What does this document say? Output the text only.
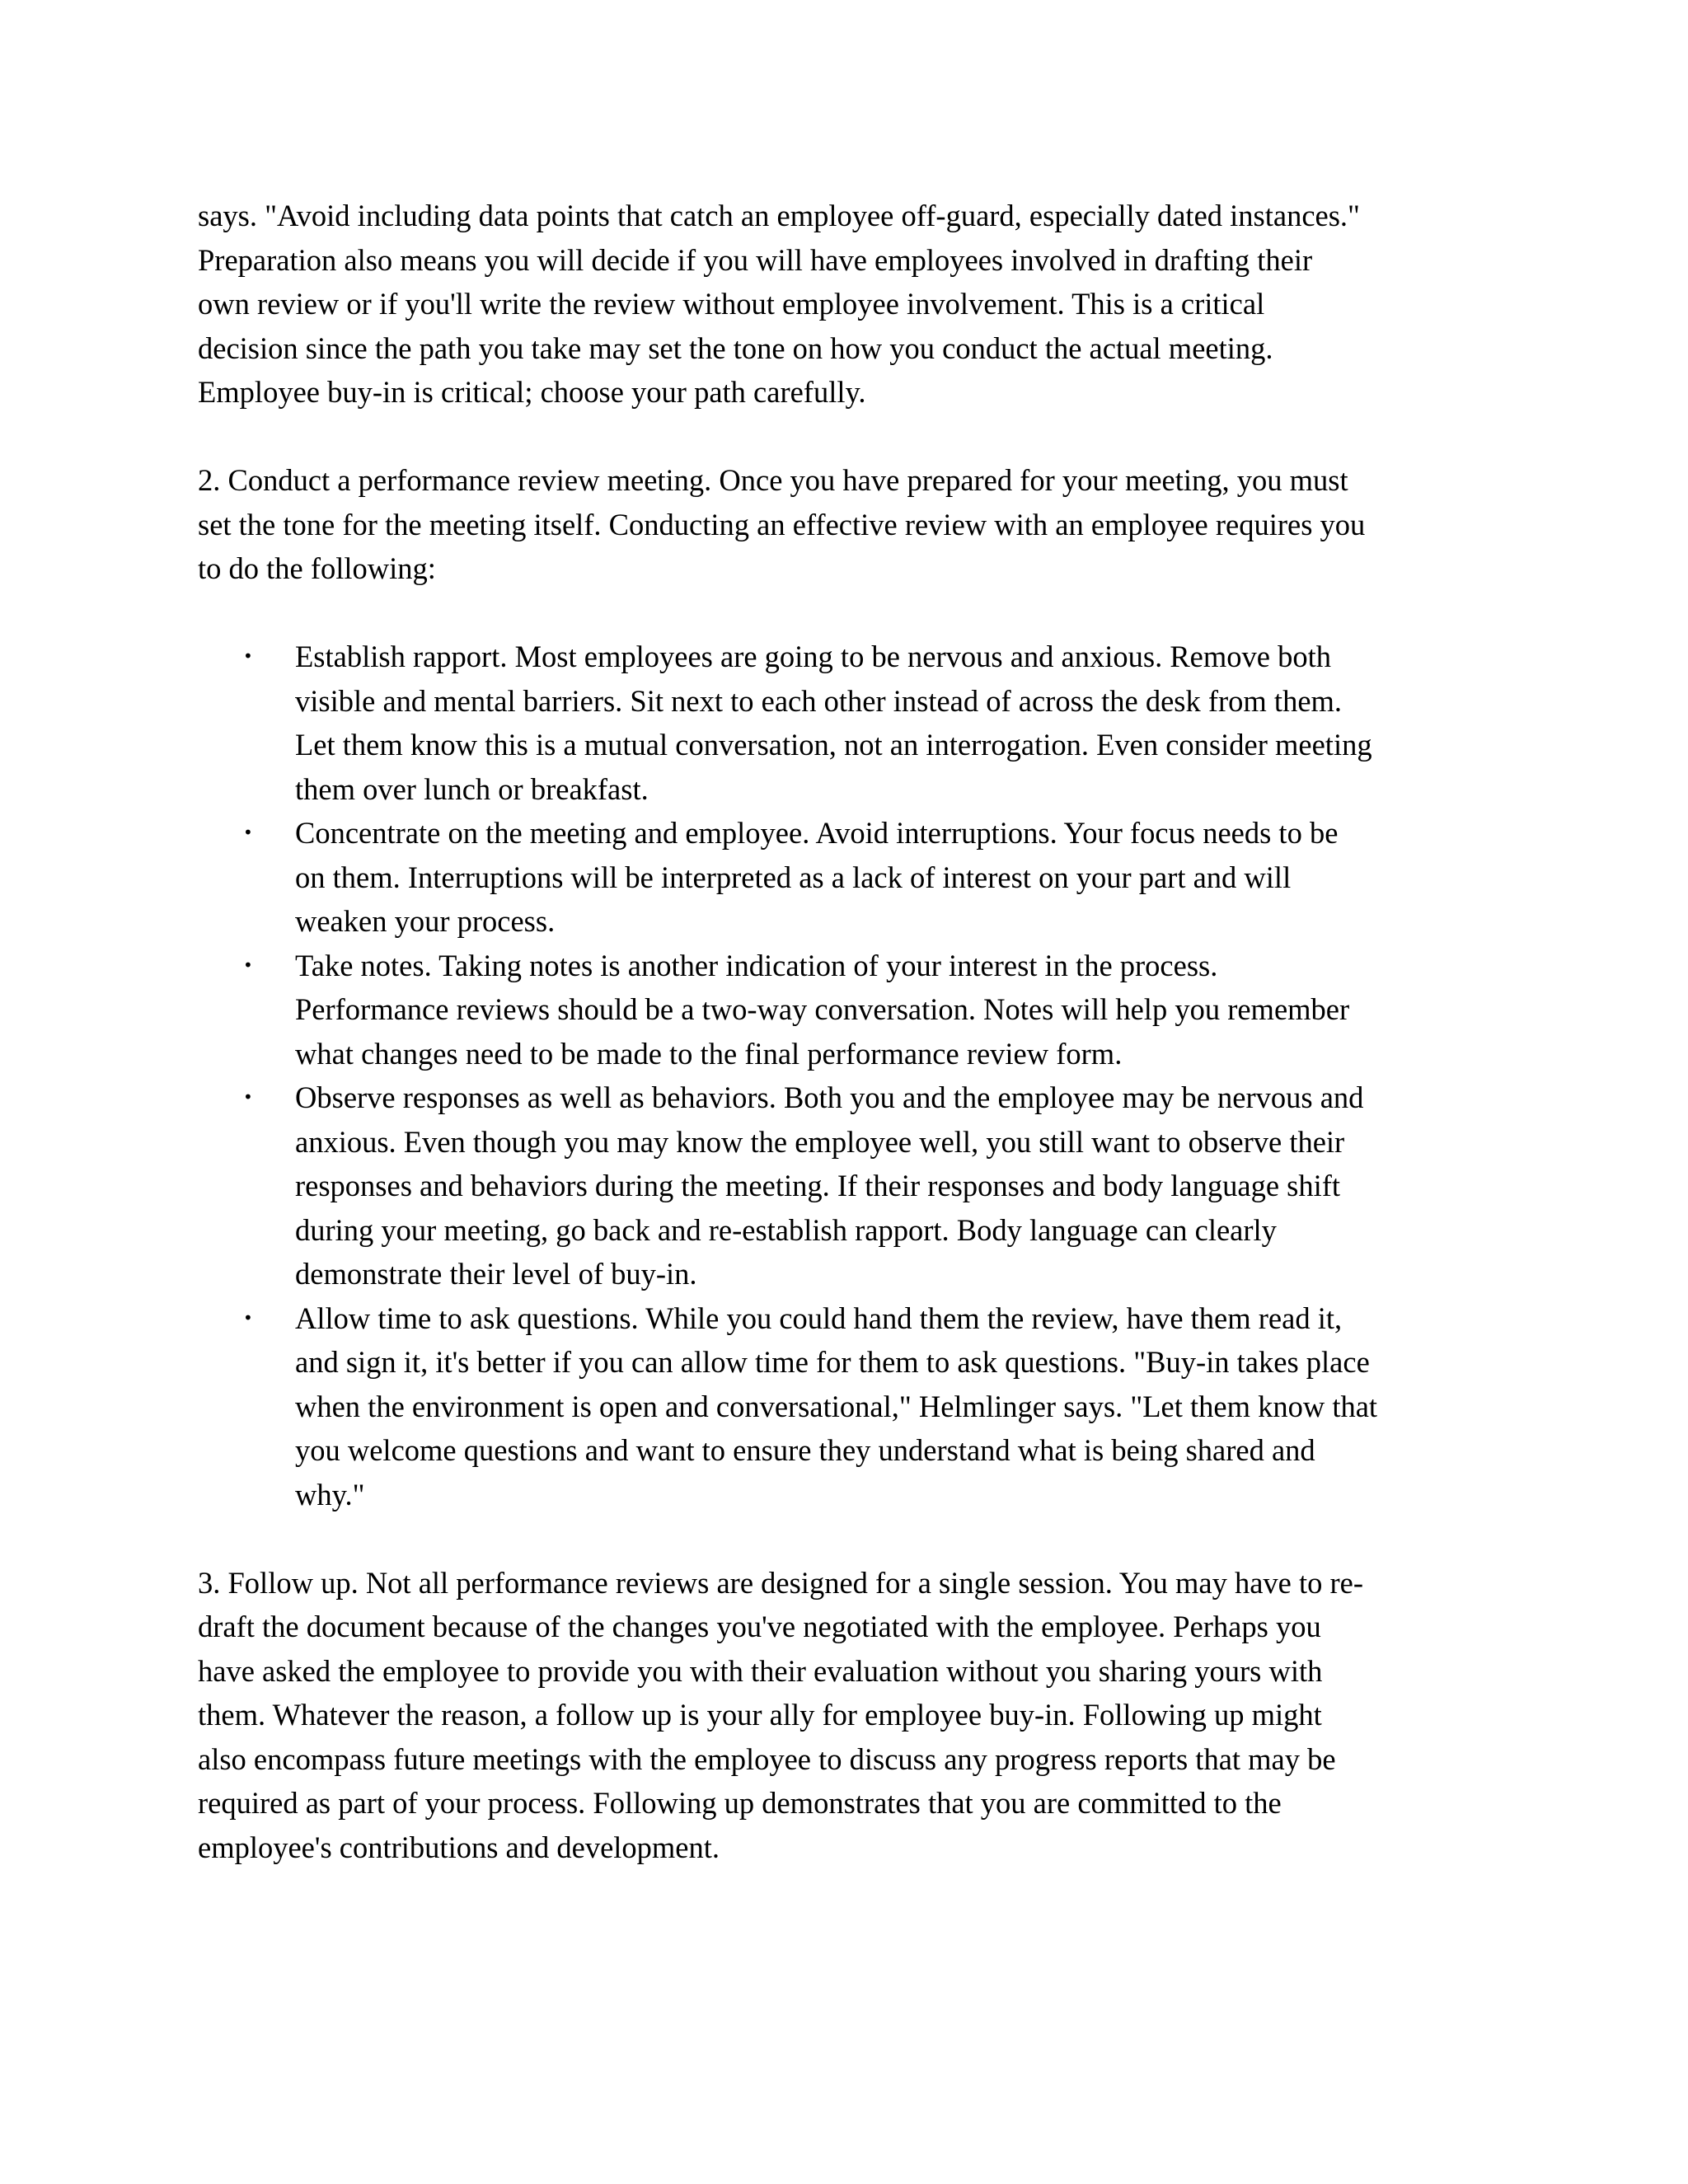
says. "Avoid including data points that catch an employee off-guard, especially dated instances."
Preparation also means you will decide if you will have employees involved in drafting their
own review or if you'll write the review without employee involvement. This is a critical
decision since the path you take may set the tone on how you conduct the actual meeting.
Employee buy-in is critical; choose your path carefully.

2. Conduct a performance review meeting. Once you have prepared for your meeting, you must
set the tone for the meeting itself. Conducting an effective review with an employee requires you
to do the following:

• Establish rapport. Most employees are going to be nervous and anxious. Remove both
visible and mental barriers. Sit next to each other instead of across the desk from them.
Let them know this is a mutual conversation, not an interrogation. Even consider meeting
them over lunch or breakfast.
• Concentrate on the meeting and employee. Avoid interruptions. Your focus needs to be
on them. Interruptions will be interpreted as a lack of interest on your part and will
weaken your process.
• Take notes. Taking notes is another indication of your interest in the process.
Performance reviews should be a two-way conversation. Notes will help you remember
what changes need to be made to the final performance review form.
• Observe responses as well as behaviors. Both you and the employee may be nervous and
anxious. Even though you may know the employee well, you still want to observe their
responses and behaviors during the meeting. If their responses and body language shift
during your meeting, go back and re-establish rapport. Body language can clearly
demonstrate their level of buy-in.
• Allow time to ask questions. While you could hand them the review, have them read it,
and sign it, it's better if you can allow time for them to ask questions. "Buy-in takes place
when the environment is open and conversational," Helmlinger says. "Let them know that
you welcome questions and want to ensure they understand what is being shared and
why."

3. Follow up. Not all performance reviews are designed for a single session. You may have to re-
draft the document because of the changes you've negotiated with the employee. Perhaps you
have asked the employee to provide you with their evaluation without you sharing yours with
them. Whatever the reason, a follow up is your ally for employee buy-in. Following up might
also encompass future meetings with the employee to discuss any progress reports that may be
required as part of your process. Following up demonstrates that you are committed to the
employee's contributions and development.
